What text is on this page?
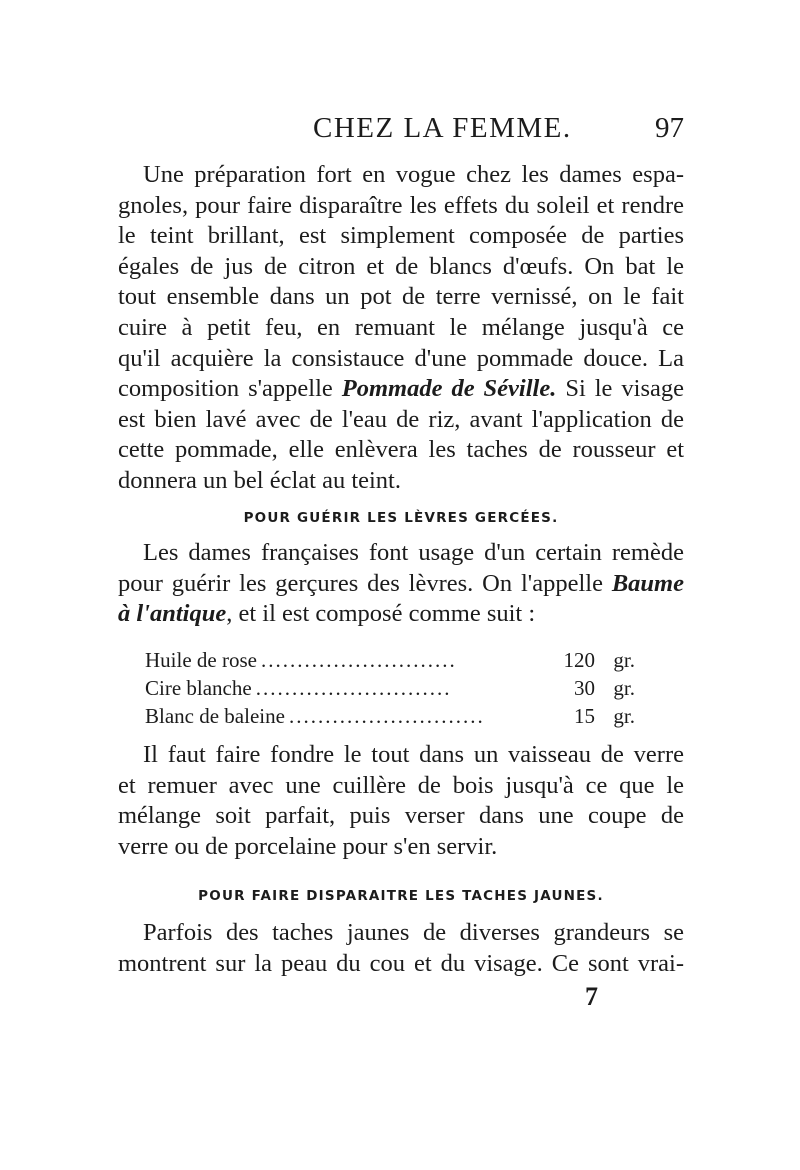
CHEZ LA FEMME.	97

Une préparation fort en vogue chez les dames espa-
gnoles, pour faire disparaître les effets du soleil et rendre
le teint brillant, est simplement composée de parties
égales de jus de citron et de blancs d'œufs. On bat le
tout ensemble dans un pot de terre vernissé, on le fait
cuire à petit feu, en remuant le mélange jusqu'à ce
qu'il acquière la consistauce d'une pommade douce. La
composition s'appelle Pommade de Séville. Si le visage
est bien lavé avec de l'eau de riz, avant l'application de
cette pommade, elle enlèvera les taches de rousseur et
donnera un bel éclat au teint.

POUR GUÉRIR LES LÈVRES GERCÉES.

Les dames françaises font usage d'un certain remède
pour guérir les gerçures des lèvres. On l'appelle Baume
à l'antique, et il est composé comme suit :

Huile de rose ...........................	120 gr.
Cire blanche ...........................	30 gr.
Blanc de baleine ...........................	15 gr.

Il faut faire fondre le tout dans un vaisseau de verre
et remuer avec une cuillère de bois jusqu'à ce que le
mélange soit parfait, puis verser dans une coupe de
verre ou de porcelaine pour s'en servir.

POUR FAIRE DISPARAITRE LES TACHES JAUNES.

Parfois des taches jaunes de diverses grandeurs se
montrent sur la peau du cou et du visage. Ce sont vrai-

7
